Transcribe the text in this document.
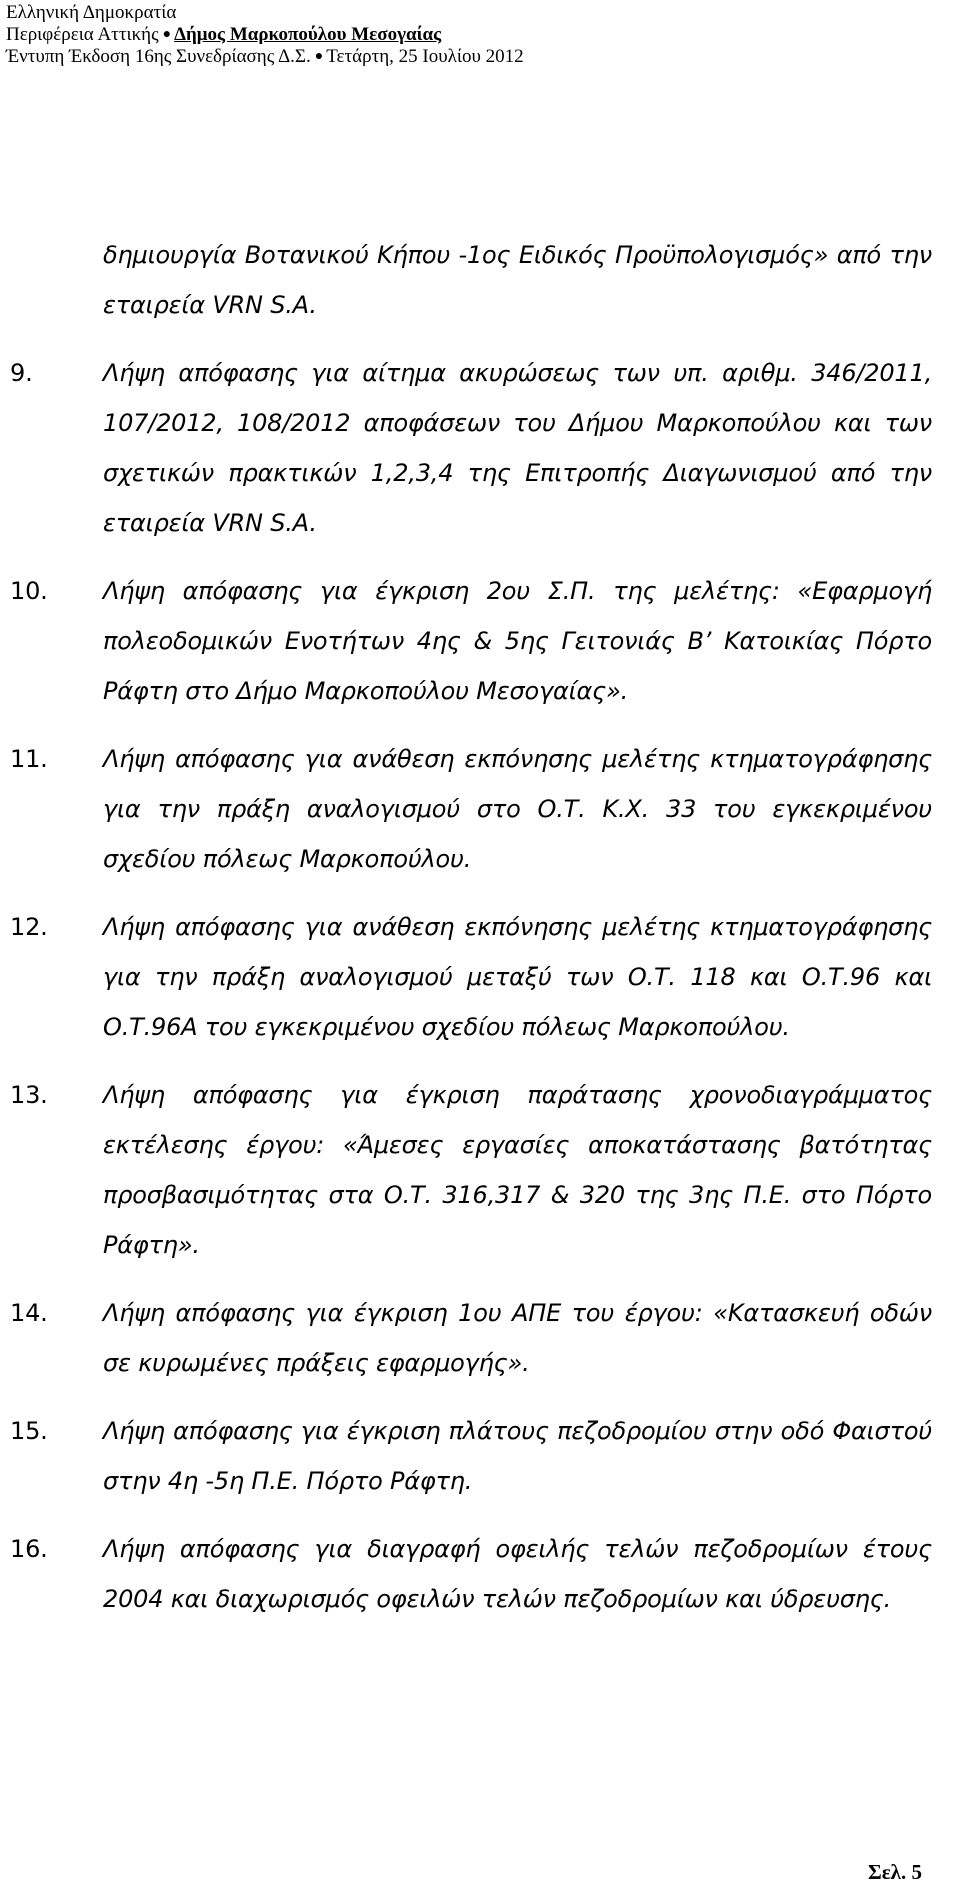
Ελληνική Δημοκρατία
Περιφέρεια Αττικής ● Δήμος Μαρκοπούλου Μεσογαίας
Έντυπη Έκδοση 16ης Συνεδρίασης Δ.Σ. ● Τετάρτη, 25 Ιουλίου 2012
δημιουργία Βοτανικού Κήπου -1ος Ειδικός Προϋπολογισμός» από την εταιρεία VRN S.A.
9.	Λήψη απόφασης για αίτημα ακυρώσεως των υπ. αριθμ. 346/2011, 107/2012, 108/2012 αποφάσεων του Δήμου Μαρκοπούλου και των σχετικών πρακτικών 1,2,3,4 της Επιτροπής Διαγωνισμού από την εταιρεία VRN S.A.
10. Λήψη απόφασης για έγκριση 2ου Σ.Π. της μελέτης: «Εφαρμογή πολεοδομικών Ενοτήτων 4ης & 5ης Γειτονιάς Β’ Κατοικίας Πόρτο Ράφτη στο Δήμο Μαρκοπούλου Μεσογαίας».
11. Λήψη απόφασης για ανάθεση εκπόνησης μελέτης κτηματογράφησης για την πράξη αναλογισμού στο Ο.Τ. Κ.Χ. 33 του εγκεκριμένου σχεδίου πόλεως Μαρκοπούλου.
12. Λήψη απόφασης για ανάθεση εκπόνησης μελέτης κτηματογράφησης για την πράξη αναλογισμού μεταξύ των Ο.Τ. 118 και Ο.Τ.96 και Ο.Τ.96Α του εγκεκριμένου σχεδίου πόλεως Μαρκοπούλου.
13. Λήψη απόφασης για έγκριση παράτασης χρονοδιαγράμματος εκτέλεσης έργου: «Άμεσες εργασίες αποκατάστασης βατότητας προσβασιμότητας στα Ο.Τ. 316,317 & 320 της 3ης Π.Ε. στο Πόρτο Ράφτη».
14. Λήψη απόφασης για έγκριση 1ου ΑΠΕ του έργου: «Κατασκευή οδών σε κυρωμένες πράξεις εφαρμογής».
15. Λήψη απόφασης για έγκριση πλάτους πεζοδρομίου στην οδό Φαιστού στην 4η -5η Π.Ε. Πόρτο Ράφτη.
16. Λήψη απόφασης για διαγραφή οφειλής τελών πεζοδρομίων έτους 2004 και διαχωρισμός οφειλών τελών πεζοδρομίων και ύδρευσης.
Σελ. 5
